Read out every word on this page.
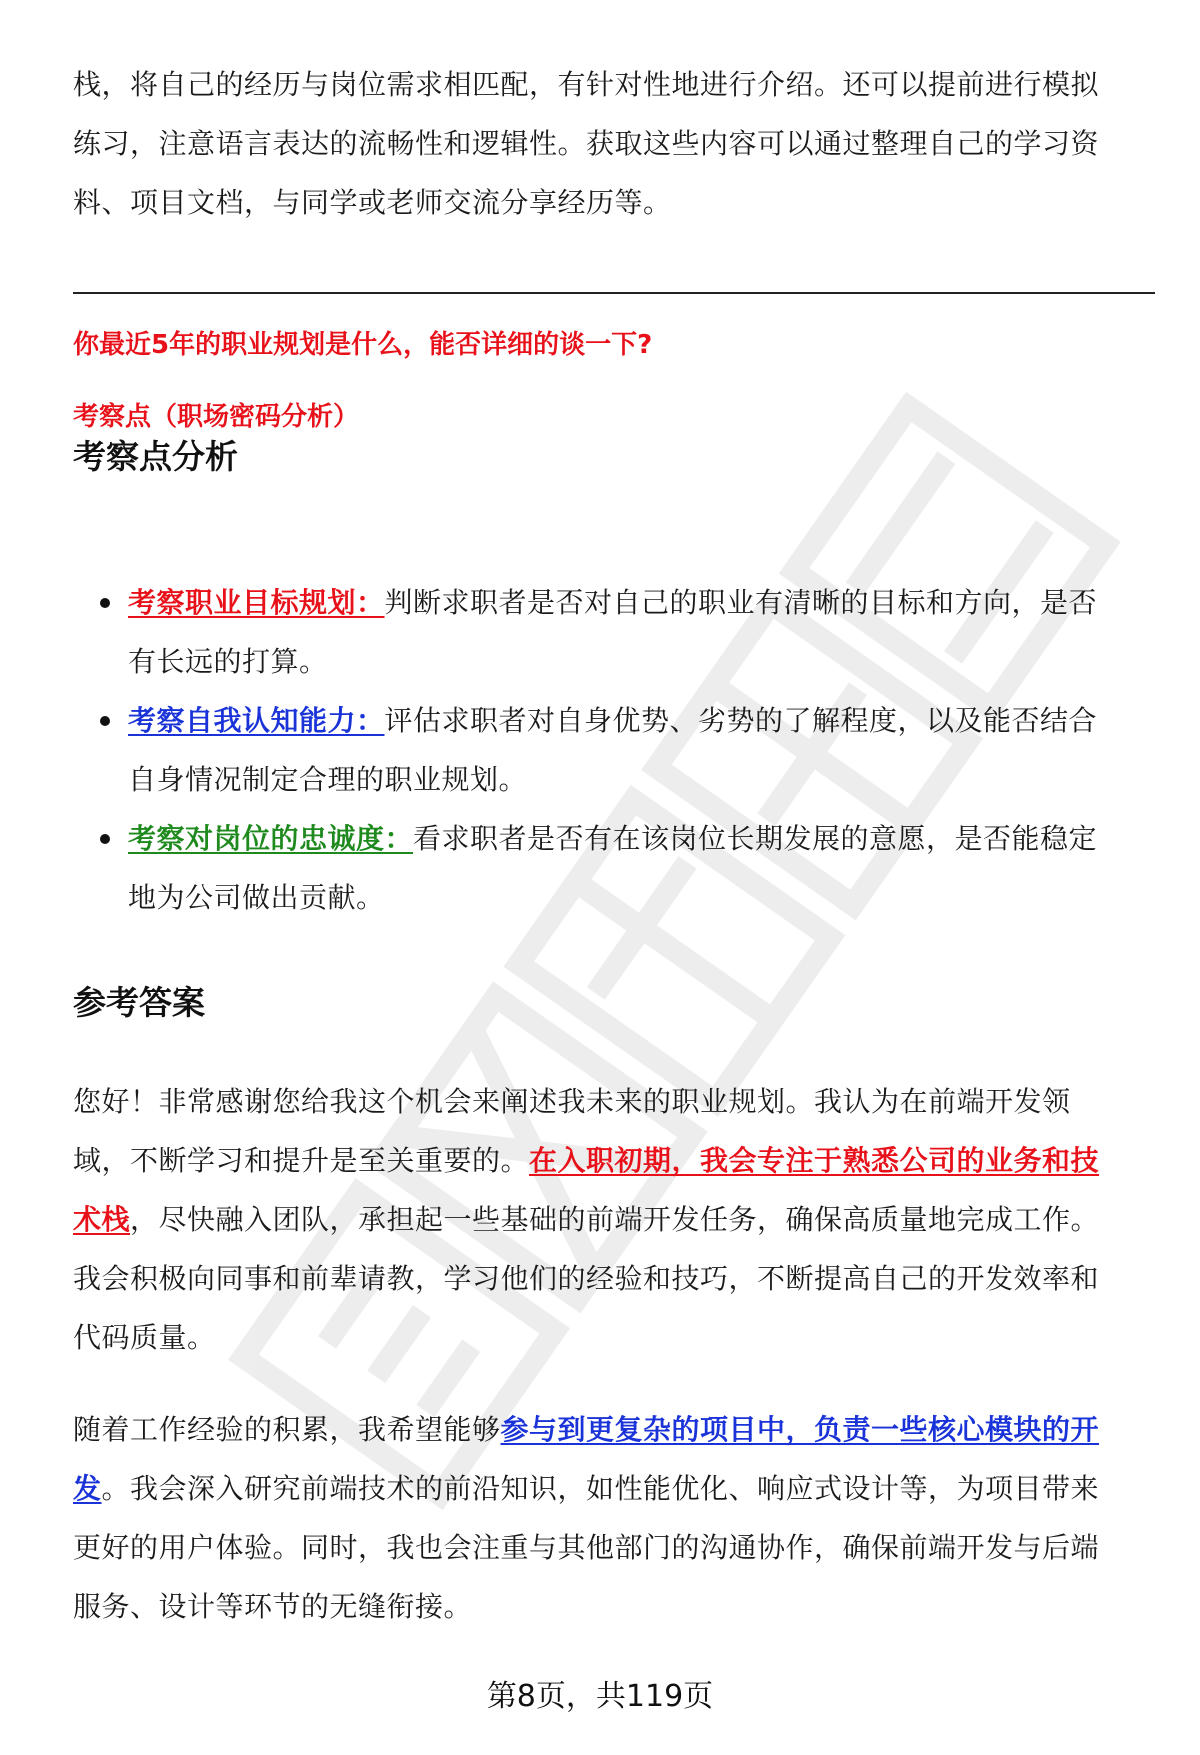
栈，将自己的经历与岗位需求相匹配，有针对性地进行介绍。还可以提前进行模拟
练习，注意语言表达的流畅性和逻辑性。获取这些内容可以通过整理自己的学习资
料、项目文档，与同学或老师交流分享经历等。

你最近5年的职业规划是什么，能否详细的谈一下?

考察点（职场密码分析）

考察点分析
考察职业目标规划：判断求职者是否对自己的职业有清晰的目标和方向，是否
有长远的打算。
考察自我认知能力：评估求职者对自身优势、劣势的了解程度，以及能否结合
自身情况制定合理的职业规划。
考察对岗位的忠诚度：看求职者是否有在该岗位长期发展的意愿，是否能稳定
地为公司做出贡献。
参考答案
您好！非常感谢您给我这个机会来阐述我未来的职业规划。我认为在前端开发领
域，不断学习和提升是至关重要的。在入职初期，我会专注于熟悉公司的业务和技
术栈，尽快融入团队，承担起一些基础的前端开发任务，确保高质量地完成工作。
我会积极向同事和前辈请教，学习他们的经验和技巧，不断提高自己的开发效率和
代码质量。
随着工作经验的积累，我希望能够参与到更复杂的项目中，负责一些核心模块的开
发。我会深入研究前端技术的前沿知识，如性能优化、响应式设计等，为项目带来
更好的用户体验。同时，我也会注重与其他部门的沟通协作，确保前端开发与后端
服务、设计等环节的无缝衔接。
第8页，共119页
